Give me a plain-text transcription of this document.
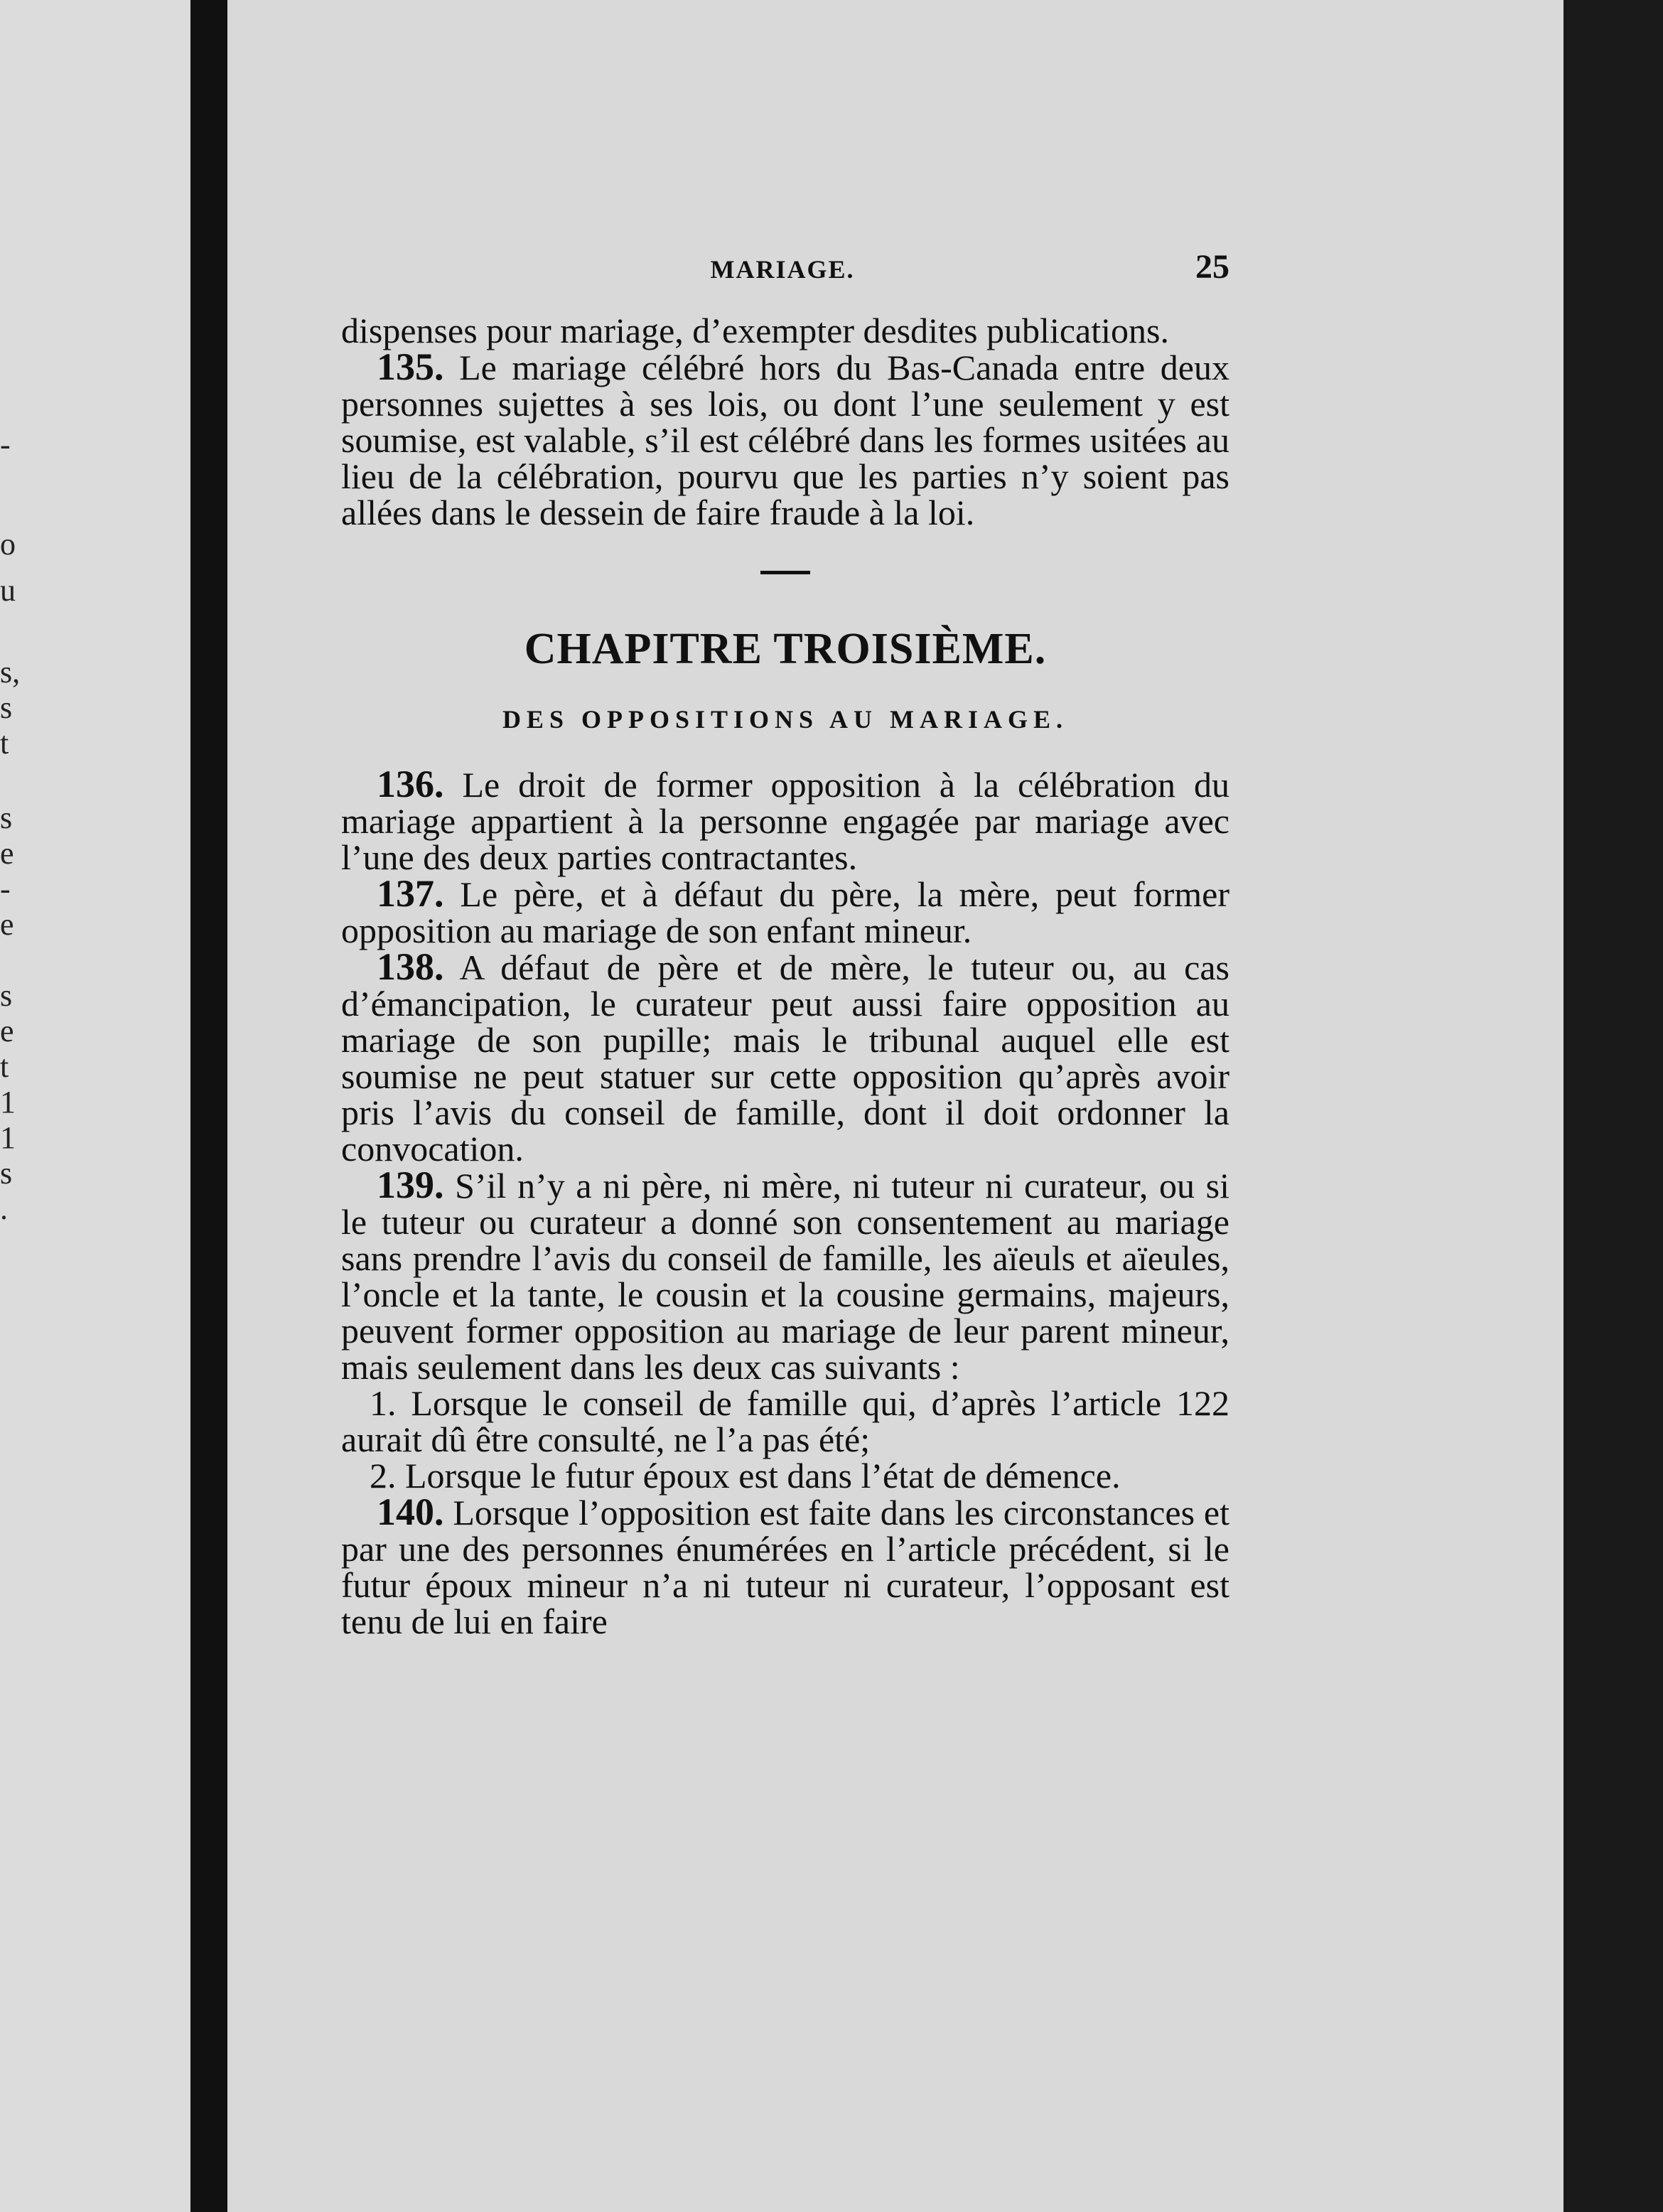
-
o
u
s,
s
t
s
e
-
e
s
e
t
1
1
s
.
MARIAGE.	25

dispenses pour mariage, d’exempter desdites publications.

135. Le mariage célébré hors du Bas-Canada entre deux personnes sujettes à ses lois, ou dont l’une seulement y est soumise, est valable, s’il est célébré dans les formes usitées au lieu de la célébration, pourvu que les parties n’y soient pas allées dans le dessein de faire fraude à la loi.

CHAPITRE TROISIÈME.
DES OPPOSITIONS AU MARIAGE.

136. Le droit de former opposition à la célébration du mariage appartient à la personne engagée par mariage avec l’une des deux parties contractantes.

137. Le père, et à défaut du père, la mère, peut former opposition au mariage de son enfant mineur.

138. A défaut de père et de mère, le tuteur ou, au cas d’émancipation, le curateur peut aussi faire opposition au mariage de son pupille; mais le tribunal auquel elle est soumise ne peut statuer sur cette opposition qu’après avoir pris l’avis du conseil de famille, dont il doit ordonner la convocation.

139. S’il n’y a ni père, ni mère, ni tuteur ni curateur, ou si le tuteur ou curateur a donné son consentement au mariage sans prendre l’avis du conseil de famille, les aïeuls et aïeules, l’oncle et la tante, le cousin et la cousine germains, majeurs, peuvent former opposition au mariage de leur parent mineur, mais seulement dans les deux cas suivants :

1. Lorsque le conseil de famille qui, d’après l’article 122 aurait dû être consulté, ne l’a pas été;

2. Lorsque le futur époux est dans l’état de démence.

140. Lorsque l’opposition est faite dans les circonstances et par une des personnes énumérées en l’article précédent, si le futur époux mineur n’a ni tuteur ni curateur, l’opposant est tenu de lui en faire
